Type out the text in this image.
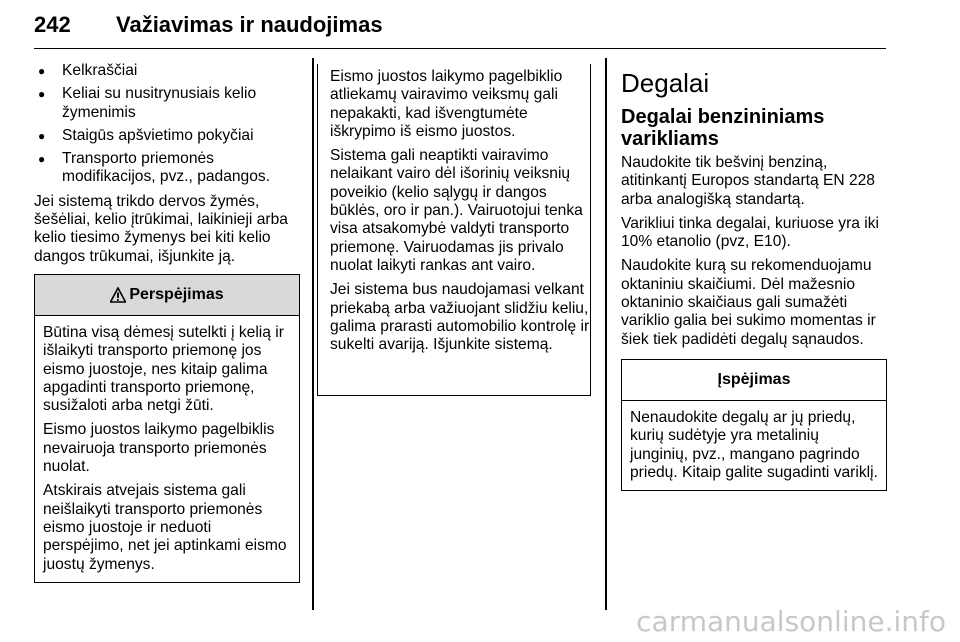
242 Važiavimas ir naudojimas
● Kelkraščiai
● Keliai su nusitrynusiais kelio žymenimis
● Staigūs apšvietimo pokyčiai
● Transporto priemonės modifikacijos, pvz., padangos.

Jei sistemą trikdo dervos žymės, šešėliai, kelio įtrūkimai, laikinieji arba kelio tiesimo žymenys bei kiti kelio dangos trūkumai, išjunkite ją.

Perspėjimas

Būtina visą dėmesį sutelkti į kelią ir išlaikyti transporto priemonę jos eismo juostoje, nes kitaip galima apgadinti transporto priemonę, susižaloti arba netgi žūti.

Eismo juostos laikymo pagelbiklis nevairuoja transporto priemonės nuolat.

Atskirais atvejais sistema gali neišlaikyti transporto priemonės eismo juostoje ir neduoti perspėjimo, net jei aptinkami eismo juostų žymenys.

Eismo juostos laikymo pagelbiklio atliekamų vairavimo veiksmų gali nepakakti, kad išvengtumėte iškrypimo iš eismo juostos.

Sistema gali neaptikti vairavimo nelaikant vairo dėl išorinių veiksnių poveikio (kelio sąlygų ir dangos būklės, oro ir pan.). Vairuotojui tenka visa atsakomybė valdyti transporto priemonę. Vairuodamas jis privalo nuolat laikyti rankas ant vairo.

Jei sistema bus naudojamasi velkant priekabą arba važiuojant slidžiu keliu, galima prarasti automobilio kontrolę ir sukelti avariją. Išjunkite sistemą.

Degalai
Degalai benzininiams varikliams

Naudokite tik bešvinį benziną, atitinkantį Europos standartą EN 228 arba analogišką standartą.

Varikliui tinka degalai, kuriuose yra iki 10% etanolio (pvz, E10).

Naudokite kurą su rekomenduojamu oktaniniu skaičiumi. Dėl mažesnio oktaninio skaičiaus gali sumažėti variklio galia bei sukimo momentas ir šiek tiek padidėti degalų sąnaudos.

Įspėjimas

Nenaudokite degalų ar jų priedų, kurių sudėtyje yra metalinių junginių, pvz., mangano pagrindo priedų. Kitaip galite sugadinti variklį.

carmanualsonline.info
